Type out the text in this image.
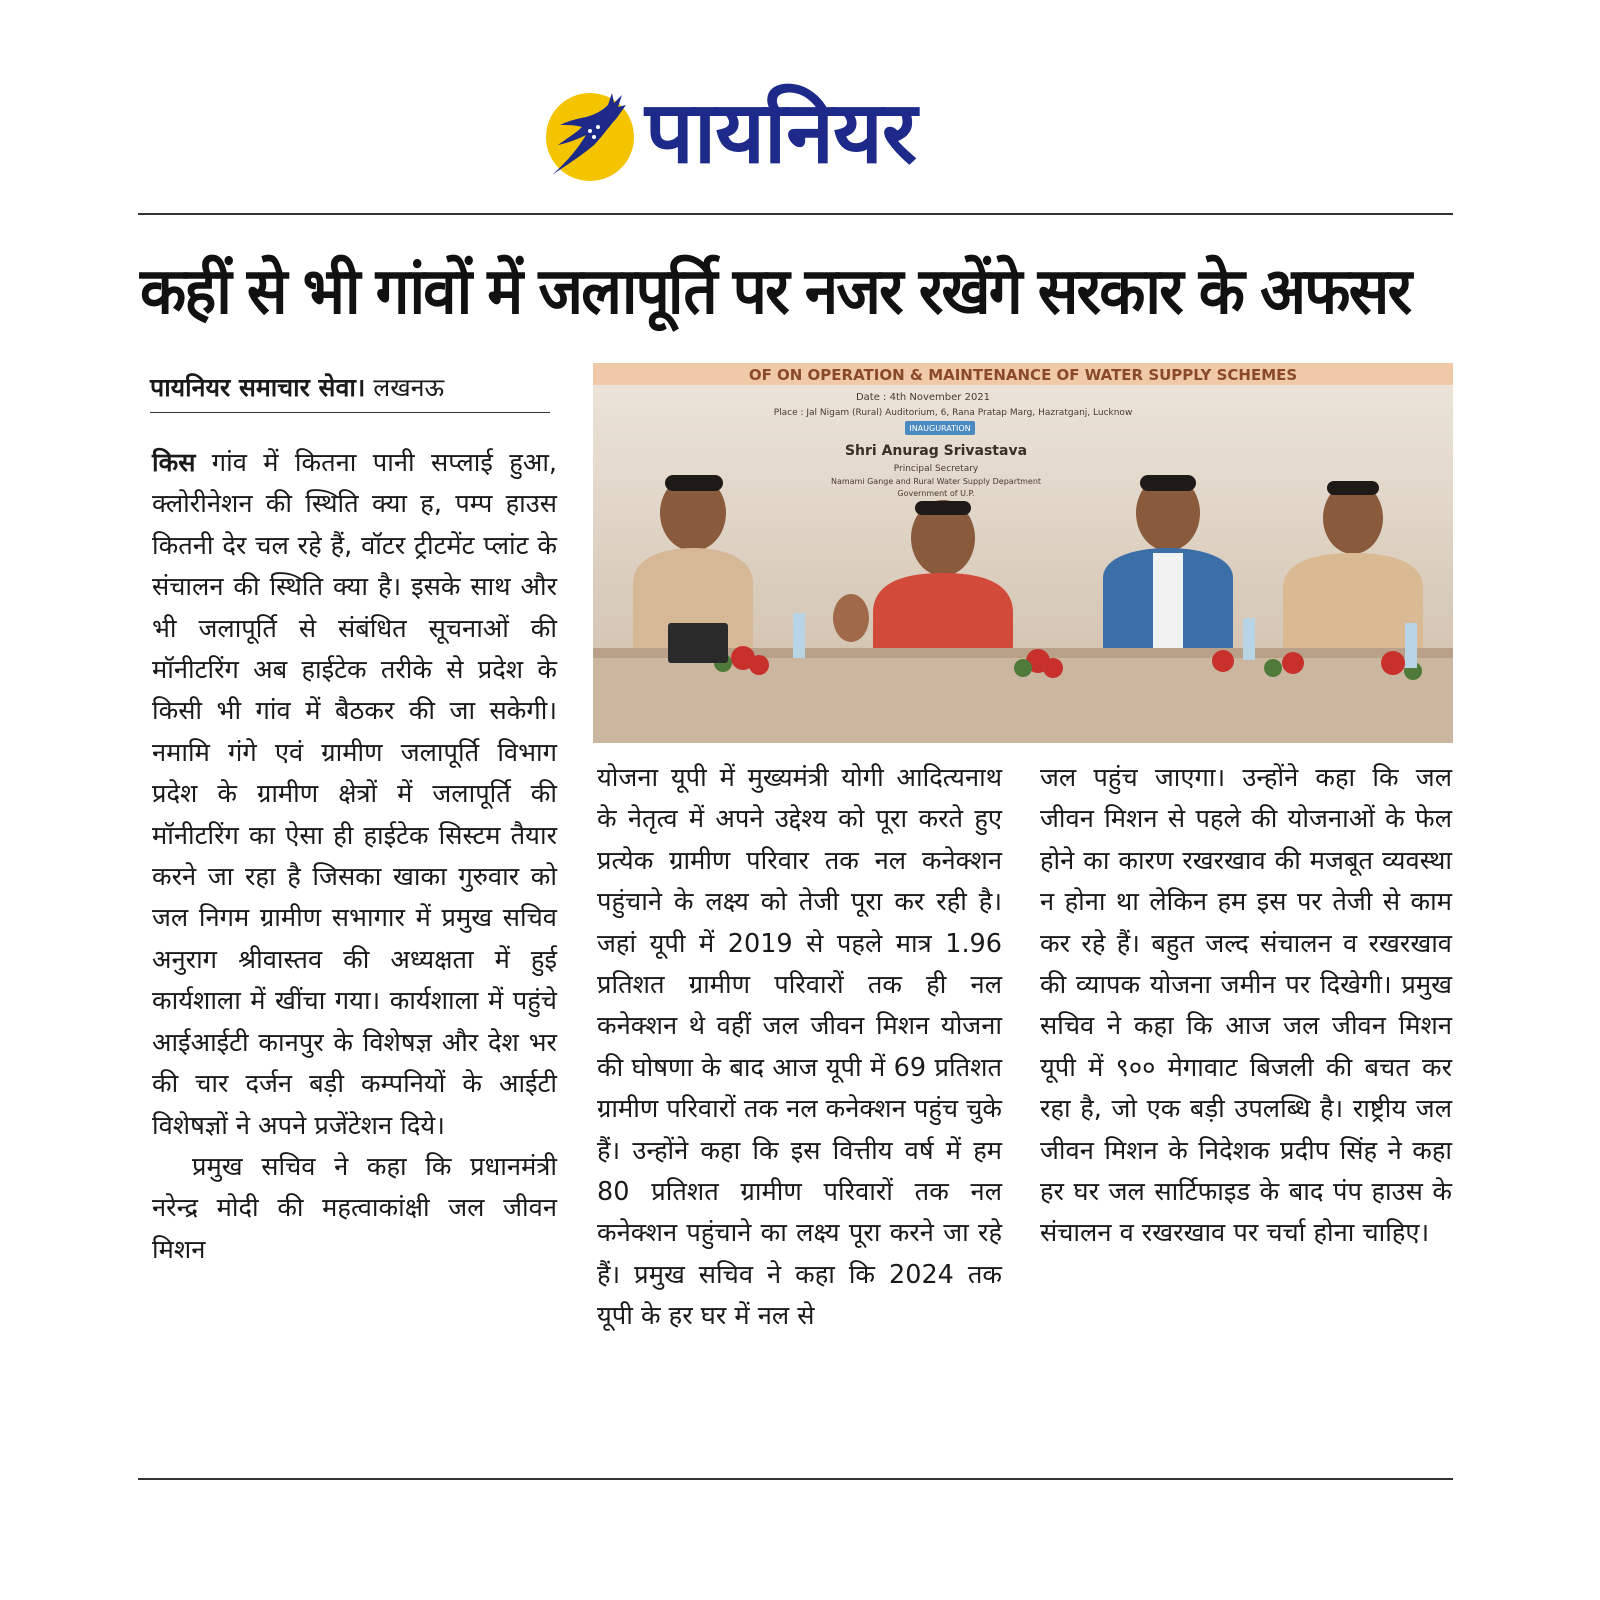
पायनियर
कहीं से भी गांवों में जलापूर्ति पर नजर रखेंगे सरकार के अफसर
पायनियर समाचार सेवा। लखनऊ	OF ON OPERATION & MAINTENANCE OF WATER SUPPLY SCHEMES
Date : 4th November 2021
Place : Jal Nigam (Rural) Auditorium, 6, Rana Pratap Marg, Hazratganj, Lucknow
INAUGURATION
Shri Anurag Srivastava
Principal Secretary
Namami Gange and Rural Water Supply Department
Government of U.P.

किस गांव में कितना पानी सप्लाई हुआ, क्लोरीनेशन की स्थिति क्या ह, पम्प हाउस कितनी देर चल रहे हैं, वॉटर ट्रीटमेंट प्लांट के संचालन की स्थिति क्या है। इसके साथ और भी जलापूर्ति से संबंधित सूचनाओं की मॉनीटरिंग अब हाईटेक तरीके से प्रदेश के किसी भी गांव में बैठकर की जा सकेगी। नमामि गंगे एवं ग्रामीण जलापूर्ति विभाग प्रदेश के ग्रामीण क्षेत्रों में जलापूर्ति की मॉनीटरिंग का ऐसा ही हाईटेक सिस्टम तैयार करने जा रहा है जिसका खाका गुरुवार को जल निगम ग्रामीण सभागार में प्रमुख सचिव अनुराग श्रीवास्तव की अध्यक्षता में हुई कार्यशाला में खींचा गया। कार्यशाला में पहुंचे आईआईटी कानपुर के विशेषज्ञ और देश भर की चार दर्जन बड़ी कम्पनियों के आईटी विशेषज्ञों ने अपने प्रजेंटेशन दिये।

प्रमुख सचिव ने कहा कि प्रधानमंत्री नरेन्द्र मोदी की महत्वाकांक्षी जल जीवन मिशन

योजना यूपी में मुख्यमंत्री योगी आदित्यनाथ के नेतृत्व में अपने उद्देश्य को पूरा करते हुए प्रत्येक ग्रामीण परिवार तक नल कनेक्शन पहुंचाने के लक्ष्य को तेजी पूरा कर रही है। जहां यूपी में 2019 से पहले मात्र 1.96 प्रतिशत ग्रामीण परिवारों तक ही नल कनेक्शन थे वहीं जल जीवन मिशन योजना की घोषणा के बाद आज यूपी में 69 प्रतिशत ग्रामीण परिवारों तक नल कनेक्शन पहुंच चुके हैं। उन्होंने कहा कि इस वित्तीय वर्ष में हम 80 प्रतिशत ग्रामीण परिवारों तक नल कनेक्शन पहुंचाने का लक्ष्य पूरा करने जा रहे हैं। प्रमुख सचिव ने कहा कि 2024 तक यूपी के हर घर में नल से

जल पहुंच जाएगा। उन्होंने कहा कि जल जीवन मिशन से पहले की योजनाओं के फेल होने का कारण रखरखाव की मजबूत व्यवस्था न होना था लेकिन हम इस पर तेजी से काम कर रहे हैं। बहुत जल्द संचालन व रखरखाव की व्यापक योजना जमीन पर दिखेगी। प्रमुख सचिव ने कहा कि आज जल जीवन मिशन यूपी में ९०० मेगावाट बिजली की बचत कर रहा है, जो एक बड़ी उपलब्धि है। राष्ट्रीय जल जीवन मिशन के निदेशक प्रदीप सिंह ने कहा हर घर जल सार्टिफाइड के बाद पंप हाउस के संचालन व रखरखाव पर चर्चा होना चाहिए।
